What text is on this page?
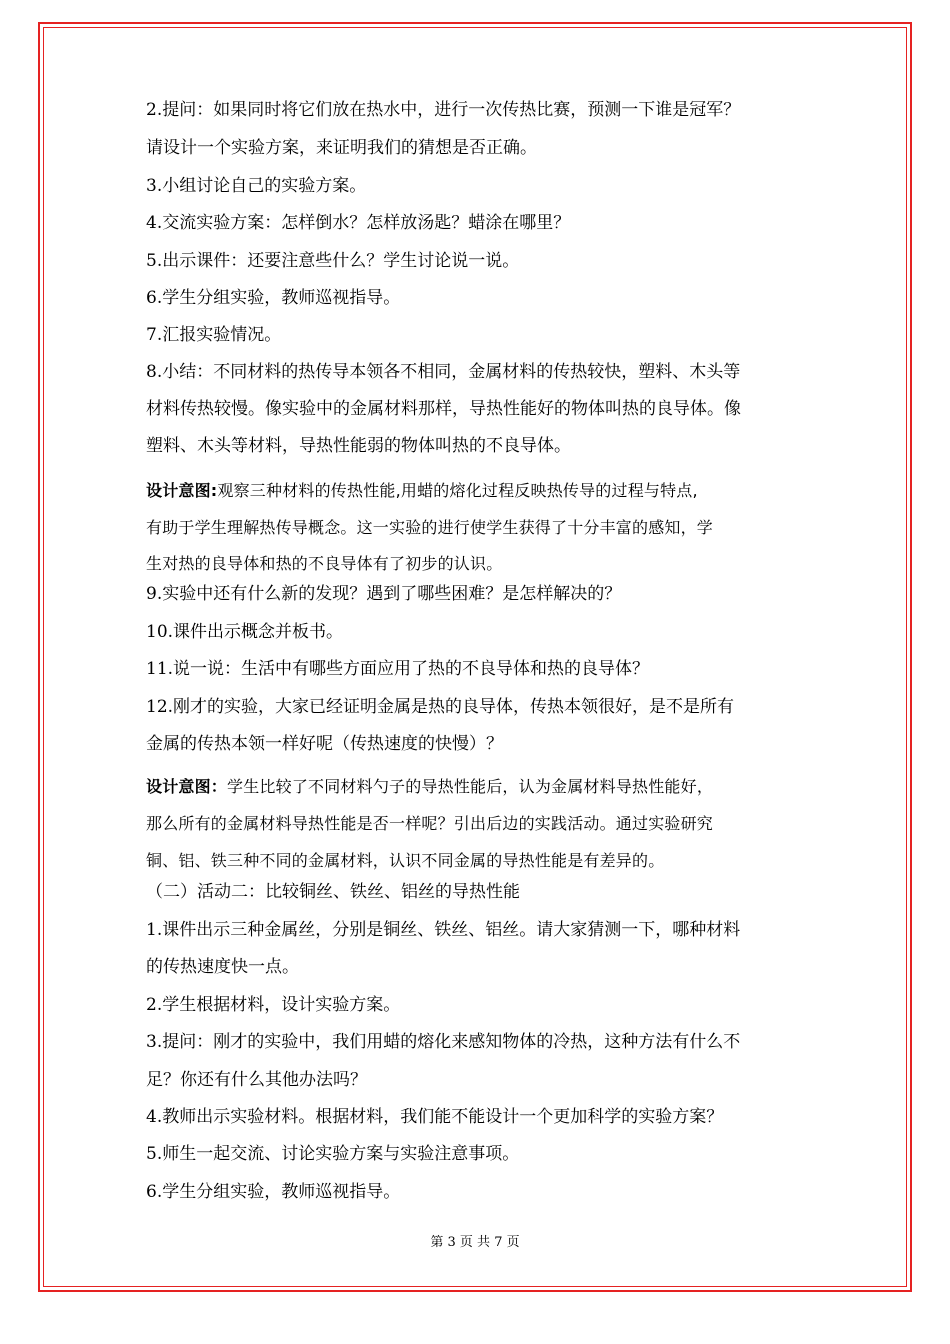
2.提问：如果同时将它们放在热水中，进行一次传热比赛，预测一下谁是冠军？
请设计一个实验方案，来证明我们的猜想是否正确。
3.小组讨论自己的实验方案。
4.交流实验方案：怎样倒水？怎样放汤匙？蜡涂在哪里？
5.出示课件：还要注意些什么？学生讨论说一说。
6.学生分组实验，教师巡视指导。
7.汇报实验情况。
8.小结：不同材料的热传导本领各不相同，金属材料的传热较快，塑料、木头等
材料传热较慢。像实验中的金属材料那样，导热性能好的物体叫热的良导体。像
塑料、木头等材料，导热性能弱的物体叫热的不良导体。
设计意图:观察三种材料的传热性能,用蜡的熔化过程反映热传导的过程与特点,
有助于学生理解热传导概念。这一实验的进行使学生获得了十分丰富的感知，学
生对热的良导体和热的不良导体有了初步的认识。
9.实验中还有什么新的发现？遇到了哪些困难？是怎样解决的？
10.课件出示概念并板书。
11.说一说：生活中有哪些方面应用了热的不良导体和热的良导体？
12.刚才的实验，大家已经证明金属是热的良导体，传热本领很好，是不是所有
金属的传热本领一样好呢（传热速度的快慢）？
设计意图：学生比较了不同材料勺子的导热性能后，认为金属材料导热性能好，
那么所有的金属材料导热性能是否一样呢？引出后边的实践活动。通过实验研究
铜、铝、铁三种不同的金属材料，认识不同金属的导热性能是有差异的。
（二）活动二：比较铜丝、铁丝、铝丝的导热性能
1.课件出示三种金属丝，分别是铜丝、铁丝、铝丝。请大家猜测一下，哪种材料
的传热速度快一点。
2.学生根据材料，设计实验方案。
3.提问：刚才的实验中，我们用蜡的熔化来感知物体的冷热，这种方法有什么不
足？你还有什么其他办法吗？
4.教师出示实验材料。根据材料，我们能不能设计一个更加科学的实验方案？
5.师生一起交流、讨论实验方案与实验注意事项。
6.学生分组实验，教师巡视指导。
第 3 页 共 7 页
